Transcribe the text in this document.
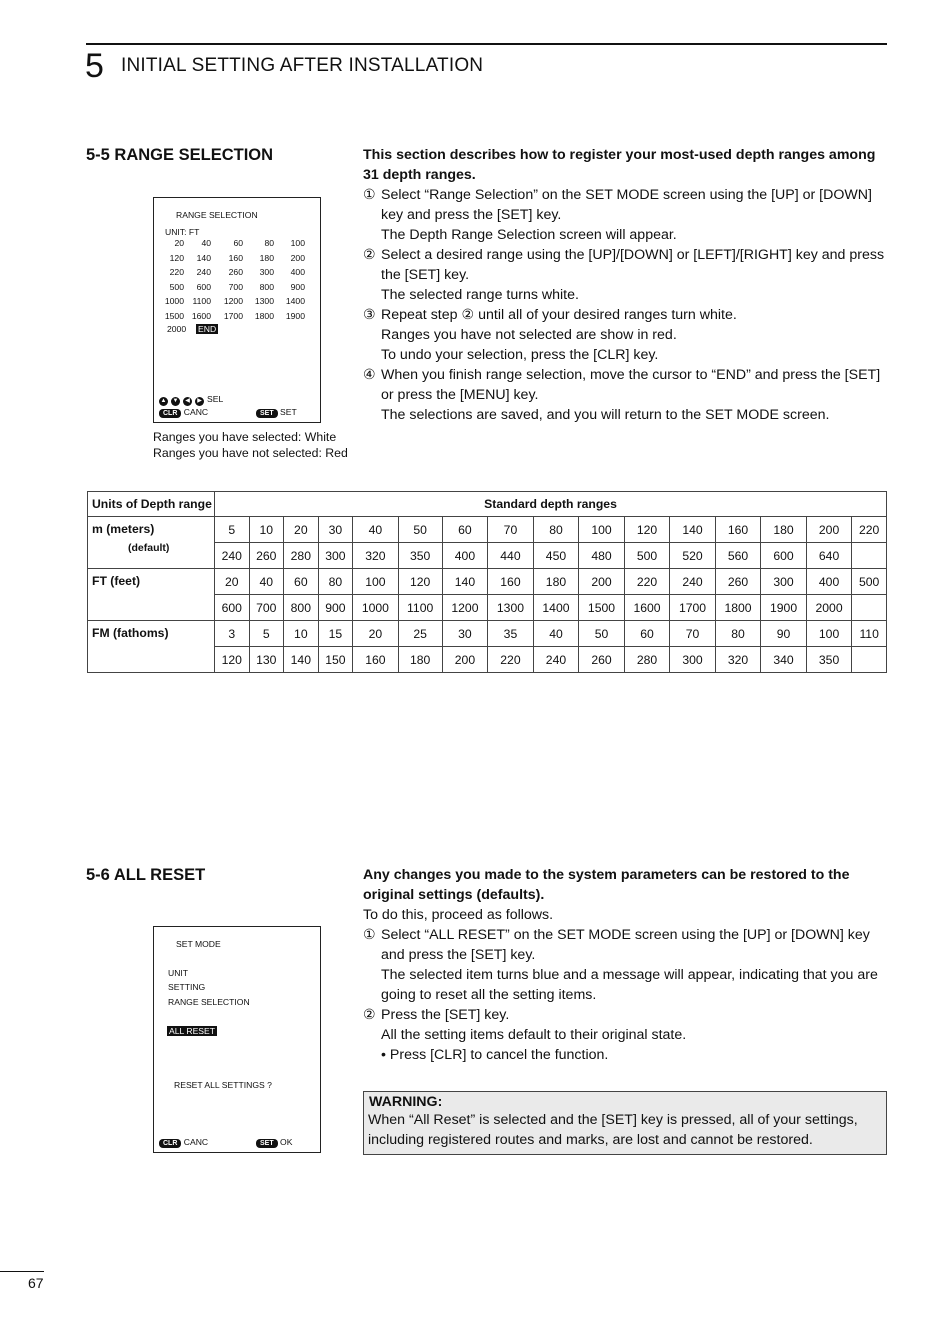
5 INITIAL SETTING AFTER INSTALLATION
5-5 RANGE SELECTION	This section describes how to register your most-used depth ranges among 31 depth ranges.

① Select “Range Selection” on the SET MODE screen using the [UP] or [DOWN] key and press the [SET] key.
The Depth Range Selection screen will appear.
② Select a desired range using the [UP]/[DOWN] or [LEFT]/[RIGHT] key and press the [SET] key.
The selected range turns white.
③ Repeat step ② until all of your desired ranges turn white.
Ranges you have not selected are show in red.
To undo your selection, press the [CLR] key.
④ When you finish range selection, move the cursor to “END” and press the [SET] or press the [MENU] key.
The selections are saved, and you will return to the SET MODE screen.
RANGE SELECTION
UNIT: FT
20 40	60 80 100
120 140 160 180 200
220 240 260 300 400
500 600 700 800 900
1000 1100 1200 1300 1400
1500 1600 1700 1800 1900
2000 END
▲ ▼ ◀ ▶ SEL
CLR CANC	SET SET
Ranges you have selected: White
Ranges you have not selected: Red
Units of Depth range	Standard depth ranges															

m (meters)
(default)	5	10	20	30	40	50	60	70	80	100	120	140	160	180	200	220
	240	260	280	300	320	350	400	440	450	480	500	520	560	600	640	

FT (feet)	20	40	60	80	100	120	140	160	180	200	220	240	260	300	400	500
	600	700	800	900	1000	1100	1200	1300	1400	1500	1600	1700	1800	1900	2000	

FM (fathoms)	3	5	10	15	20	25	30	35	40	50	60	70	80	90	100	110
	120	130	140	150	160	180	200	220	240	260	280	300	320	340	350	
5-6 ALL RESET	Any changes you made to the system parameters can be restored to the original settings (defaults).

To do this, proceed as follows.

① Select “ALL RESET” on the SET MODE screen using the [UP] or [DOWN] key and press the [SET] key.
The selected item turns blue and a message will appear, indicating that you are going to reset all the setting items.
② Press the [SET] key.
All the setting items default to their original state.
• Press [CLR] to cancel the function.
SET MODE
UNIT
SETTING
RANGE SELECTION
ALL RESET
RESET ALL SETTINGS ?
CLR CANC	SET OK
WARNING:
When “All Reset” is selected and the [SET] key is pressed, all of your settings, including registered routes and marks, are lost and cannot be restored.
67
